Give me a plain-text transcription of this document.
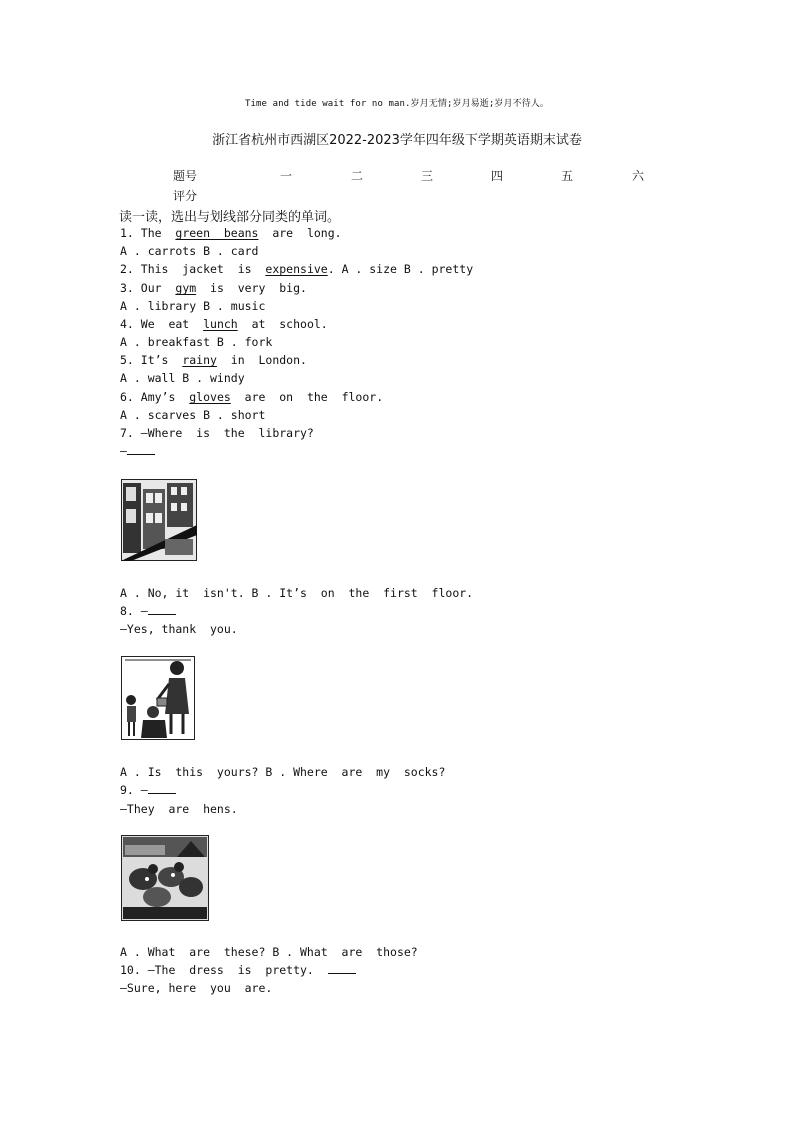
Time and tide wait for no man.岁月无情;岁月易逝;岁月不待人。
浙江省杭州市西湖区2022-2023学年四年级下学期英语期末试卷
题号	一	二	三	四	五	六
评分
读一读，选出与划线部分同类的单词。
1. The  green  beans  are  long.
A . carrots B . card
2. This  jacket  is  expensive. A . size B . pretty
3. Our  gym  is  very  big.
A . library B . music
4. We  eat  lunch  at  school.
A . breakfast B . fork
5. It’s  rainy  in  London.
A . wall B . windy
6. Amy’s  gloves  are  on  the  floor.
A . scarves B . short
7. —Where  is  the  library?
—
A . No, it  isn't. B . It’s  on  the  first  floor.
8. —
—Yes, thank  you.
A . Is  this  yours? B . Where  are  my  socks?
9. —
—They  are  hens.
A . What  are  these? B . What  are  those?
10. —The  dress  is  pretty.
—Sure, here  you  are.
